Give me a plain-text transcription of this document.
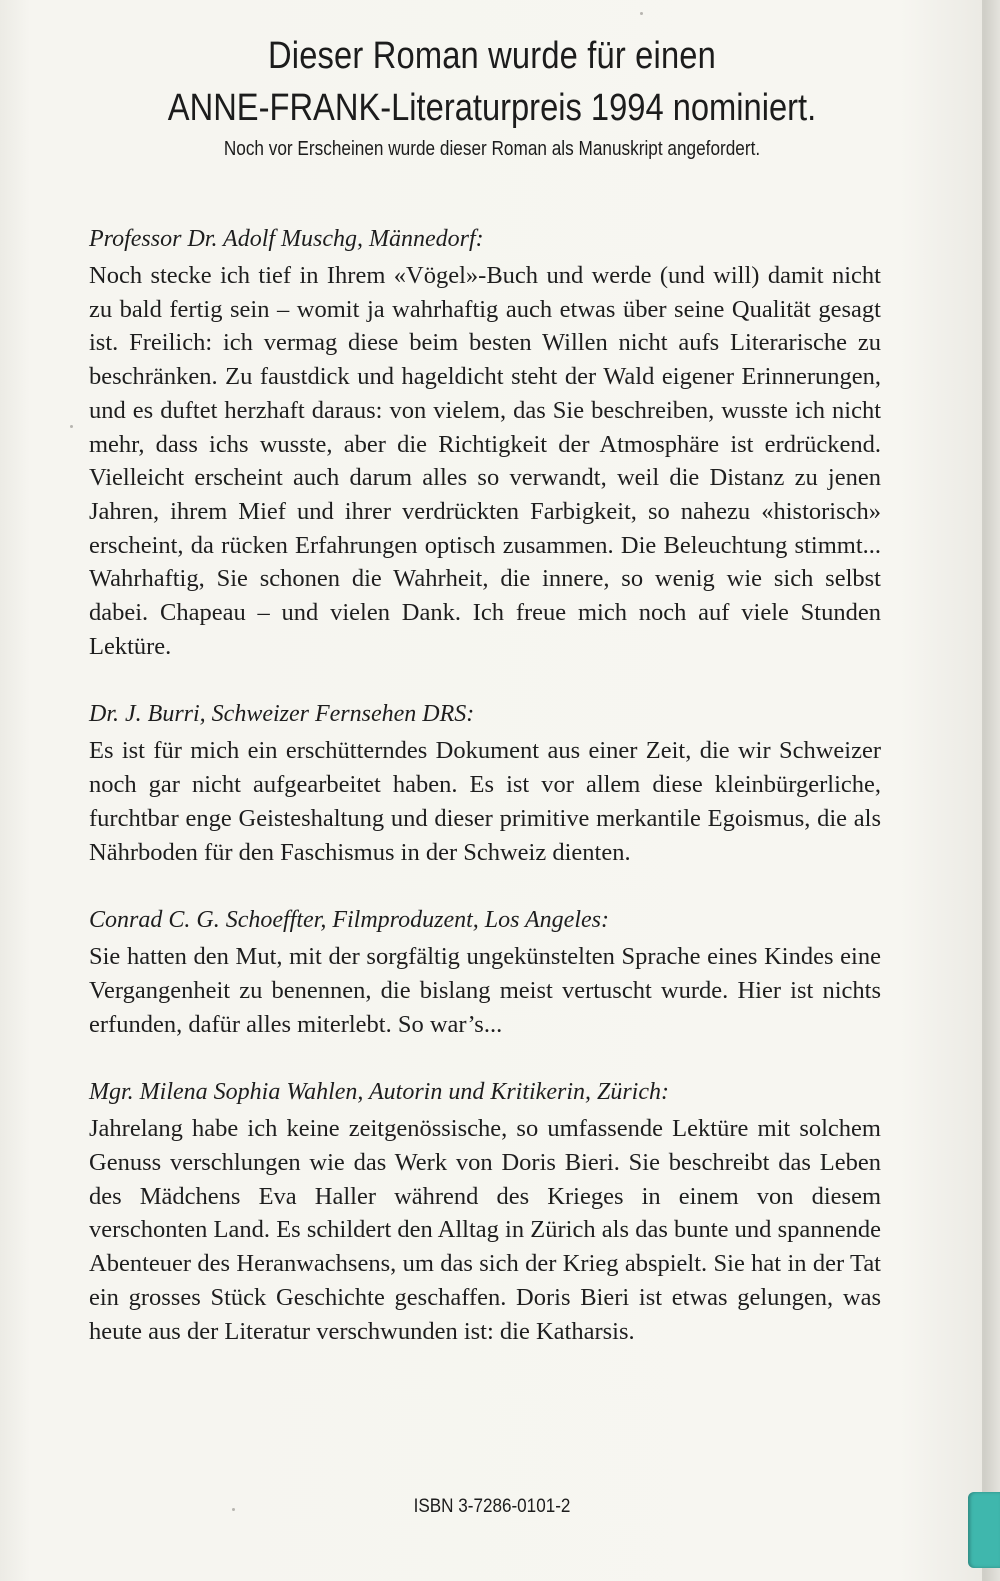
Dieser Roman wurde für einen
ANNE-FRANK-Literaturpreis 1994 nominiert.
Noch vor Erscheinen wurde dieser Roman als Manuskript angefordert.
Professor Dr. Adolf Muschg, Männedorf:
Noch stecke ich tief in Ihrem «Vögel»-Buch und werde (und will) damit nicht zu bald fertig sein – womit ja wahrhaftig auch etwas über seine Qualität gesagt ist. Freilich: ich vermag diese beim besten Willen nicht aufs Literarische zu beschränken. Zu faustdick und hageldicht steht der Wald eigener Erinnerungen, und es duftet herzhaft daraus: von vielem, das Sie beschreiben, wusste ich nicht mehr, dass ichs wusste, aber die Richtigkeit der Atmosphäre ist erdrückend. Vielleicht erscheint auch darum alles so verwandt, weil die Distanz zu jenen Jahren, ihrem Mief und ihrer verdrückten Farbigkeit, so nahezu «historisch» erscheint, da rücken Erfahrungen optisch zusammen. Die Beleuchtung stimmt... Wahrhaftig, Sie schonen die Wahrheit, die innere, so wenig wie sich selbst dabei. Chapeau – und vielen Dank. Ich freue mich noch auf viele Stunden Lektüre.
Dr. J. Burri, Schweizer Fernsehen DRS:
Es ist für mich ein erschütterndes Dokument aus einer Zeit, die wir Schweizer noch gar nicht aufgearbeitet haben. Es ist vor allem diese kleinbürgerliche, furchtbar enge Geisteshaltung und dieser primitive merkantile Egoismus, die als Nährboden für den Faschismus in der Schweiz dienten.
Conrad C. G. Schoeffter, Filmproduzent, Los Angeles:
Sie hatten den Mut, mit der sorgfältig ungekünstelten Sprache eines Kindes eine Vergangenheit zu benennen, die bislang meist vertuscht wurde. Hier ist nichts erfunden, dafür alles miterlebt. So war’s...
Mgr. Milena Sophia Wahlen, Autorin und Kritikerin, Zürich:
Jahrelang habe ich keine zeitgenössische, so umfassende Lektüre mit solchem Genuss verschlungen wie das Werk von Doris Bieri. Sie beschreibt das Leben des Mädchens Eva Haller während des Krieges in einem von diesem verschonten Land. Es schildert den Alltag in Zürich als das bunte und spannende Abenteuer des Heranwachsens, um das sich der Krieg abspielt. Sie hat in der Tat ein grosses Stück Geschichte geschaffen. Doris Bieri ist etwas gelungen, was heute aus der Literatur verschwunden ist: die Katharsis.
ISBN 3-7286-0101-2
